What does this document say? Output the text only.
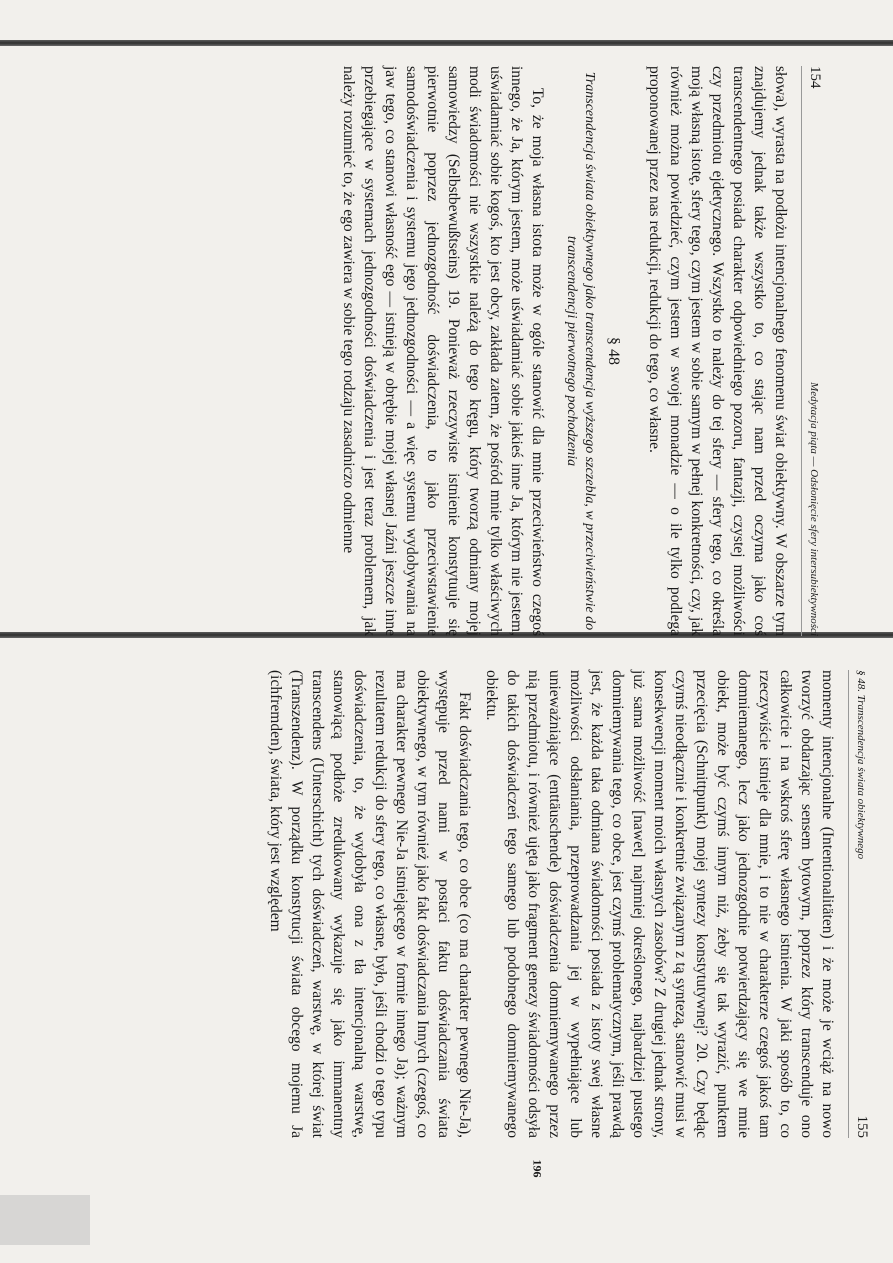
154
Medytacja piąta — Odsłonięcie sfery intersubiektywności

słowa), wyrasta na podłożu intencjonalnego fenomenu świat obiektywny. W obszarze tym znajdujemy jednak także wszystko to, co stając nam przed oczyma jako coś transcendentnego posiada charakter odpowiedniego pozoru, fantazji, czystej możliwości czy przedmiotu ejdetycznego. Wszystko to należy do tej sfery — sfery tego, co określa moją własną istotę, sfery tego, czym jestem w sobie samym w pełnej konkretności, czy, jak również można powiedzieć, czym jestem w swojej monadzie — o ile tylko podlega proponowanej przez nas redukcji, redukcji do tego, co własne.

§ 48
Transcendencja świata obiektywnego jako transcendencja wyższego szczebla, w przeciwieństwie do transcendencji pierwotnego pochodzenia

To, że moja własna istota może w ogóle stanowić dla mnie przeciwieństwo czegoś innego, że Ja, którym jestem, może uświadamiać sobie jakieś inne Ja, którym nie jestem, uświadamiać sobie kogoś, kto jest obcy, zakłada zatem, że pośród mnie tylko właściwych modi świadomości nie wszystkie należą do tego kręgu, który tworzą odmiany mojej samowiedzy (Selbstbewußtseins) 19. Ponieważ rzeczywiste istnienie konstytuuje się pierwotnie poprzez jednozgodność doświadczenia, to jako przeciwstawienie samodoświadczenia i systemu jego jednozgodności — a więc systemu wydobywania na jaw tego, co stanowi własność ego — istnieją w obrębie mojej własnej Jaźni jeszcze inne przebiegające w systemach jednozgodności doświadczenia i jest teraz problemem, jak należy rozumieć to, że ego zawiera w sobie tego rodzaju zasadniczo odmienne

§ 48. Transcendencja świata obiektywnego
155

momenty intencjonalne (Intentionalitäten) i że może je wciąż na nowo tworzyć obdarzając sensem bytowym, poprzez który transcenduje ono całkowicie i na wskroś sferę własnego istnienia. W jaki sposób to, co rzeczywiście istnieje dla mnie, i to nie w charakterze czegoś jakoś tam domniemanego, lecz jako jednozgodnie potwierdzający się we mnie obiekt, może być czymś innym niż, żeby się tak wyrazić, punktem przecięcia (Schnittpunkt) mojej syntezy konstytutywnej? 20. Czy będąc czymś nieodłącznie i konkretnie związanym z tą syntezą, stanowić musi w konsekwencji moment moich własnych zasobów? Z drugiej jednak strony, już sama możliwość [nawet] najmniej określonego, najbardziej pustego domniemywania tego, co obce, jest czymś problematycznym, jeśli prawdą jest, że każda taka odmiana świadomości posiada z istoty swej własne możliwości odsłaniania, przeprowadzania jej w wypełniające lub unieważniające (enttäuschende) doświadczenia domniemywanego przez nią przedmiotu, i również ujęta jako fragment genezy świadomości odsyła do takich doświadczeń tego samego lub podobnego domniemywanego obiektu.

Fakt doświadczania tego, co obce (co ma charakter pewnego Nie-Ja), występuje przed nami w postaci faktu doświadczania świata obiektywnego, w tym również jako fakt doświadczania Innych (czegoś, co ma charakter pewnego Nie-Ja istniejącego w formie innego Ja); ważnym rezultatem redukcji do sfery tego, co własne, było, jeśli chodzi o tego typu doświadczenia, to, że wydobyła ona z tła intencjonalną warstwę, stanowiącą podłoże zredukowany wykazuje się jako immanentny transcendens (Unterschicht) tych doświadczeń, warstwę, w której świat (Transzendenz). W porządku konstytucji świata obcego mojemu Ja (ichfremden), świata, który jest względem

196
